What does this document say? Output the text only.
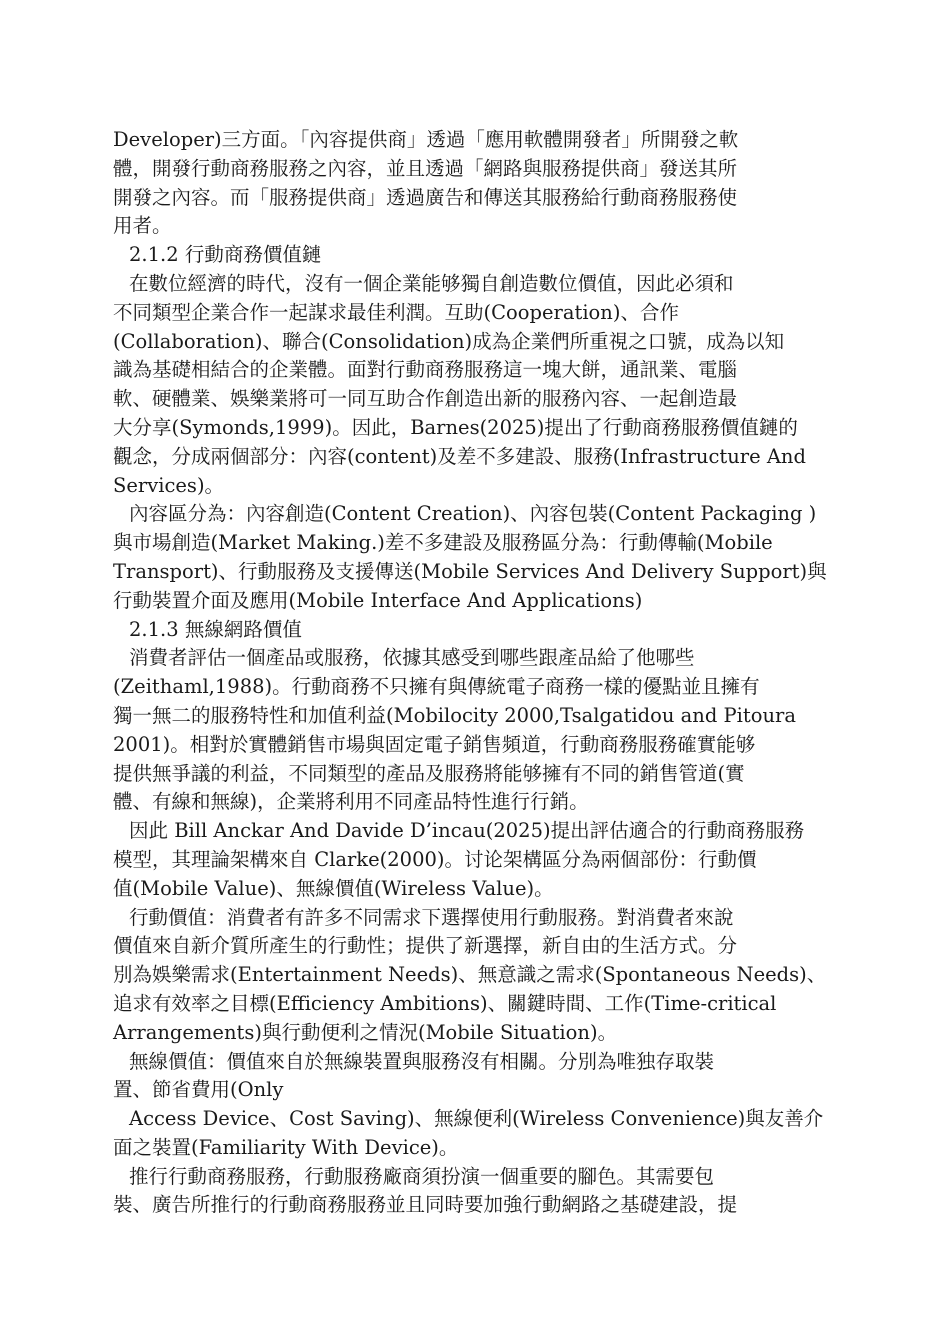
Developer)三方面。「內容提供商」透過「應用軟體開發者」所開發之軟
體，開發行動商務服務之內容，並且透過「網路與服務提供商」發送其所
開發之內容。而「服務提供商」透過廣告和傳送其服務給行動商務服務使
用者。
2.1.2 行動商務價值鏈
在數位經濟的時代，沒有一個企業能够獨自創造數位價值，因此必須和
不同類型企業合作一起謀求最佳利潤。互助(Cooperation)、合作
(Collaboration)、聯合(Consolidation)成為企業們所重視之口號，成為以知
識為基礎相結合的企業體。面對行動商務服務這一塊大餅，通訊業、電腦
軟、硬體業、娛樂業將可一同互助合作創造出新的服務內容、一起創造最
大分享(Symonds,1999)。因此，Barnes(2025)提出了行動商務服務價值鏈的
觀念，分成兩個部分：內容(content)及差不多建設、服務(Infrastructure And
Services)。
內容區分為：內容創造(Content Creation)、內容包裝(Content Packaging )
與市場創造(Market Making.)差不多建設及服務區分為：行動傳輸(Mobile
Transport)、行動服務及支援傳送(Mobile Services And Delivery Support)與
行動裝置介面及應用(Mobile Interface And Applications)
2.1.3 無線網路價值
消費者評估一個產品或服務，依據其感受到哪些跟產品給了他哪些
(Zeithaml,1988)。行動商務不只擁有與傳統電子商務一樣的優點並且擁有
獨一無二的服務特性和加值利益(Mobilocity 2000,Tsalgatidou and Pitoura
2001)。相對於實體銷售市場與固定電子銷售頻道，行動商務服務確實能够
提供無爭議的利益，不同類型的產品及服務將能够擁有不同的銷售管道(實
體、有線和無線)，企業將利用不同產品特性進行行銷。
因此 Bill Anckar And Davide D’incau(2025)提出評估適合的行動商務服務
模型，其理論架構來自 Clarke(2000)。讨论架構區分為兩個部份：行動價
值(Mobile Value)、無線價值(Wireless Value)。
行動價值：消費者有許多不同需求下選擇使用行動服務。對消費者來說
價值來自新介質所產生的行動性；提供了新選擇，新自由的生活方式。分
別為娛樂需求(Entertainment Needs)、無意識之需求(Spontaneous Needs)、
追求有效率之目標(Efficiency Ambitions)、關鍵時間、工作(Time-critical
Arrangements)與行動便利之情況(Mobile Situation)。
無線價值：價值來自於無線裝置與服務沒有相關。分別為唯独存取裝
置、節省費用(Only
Access Device、Cost Saving)、無線便利(Wireless Convenience)與友善介
面之裝置(Familiarity With Device)。
推行行動商務服務，行動服務廠商須扮演一個重要的腳色。其需要包
裝、廣告所推行的行動商務服務並且同時要加強行動網路之基礎建設，提
